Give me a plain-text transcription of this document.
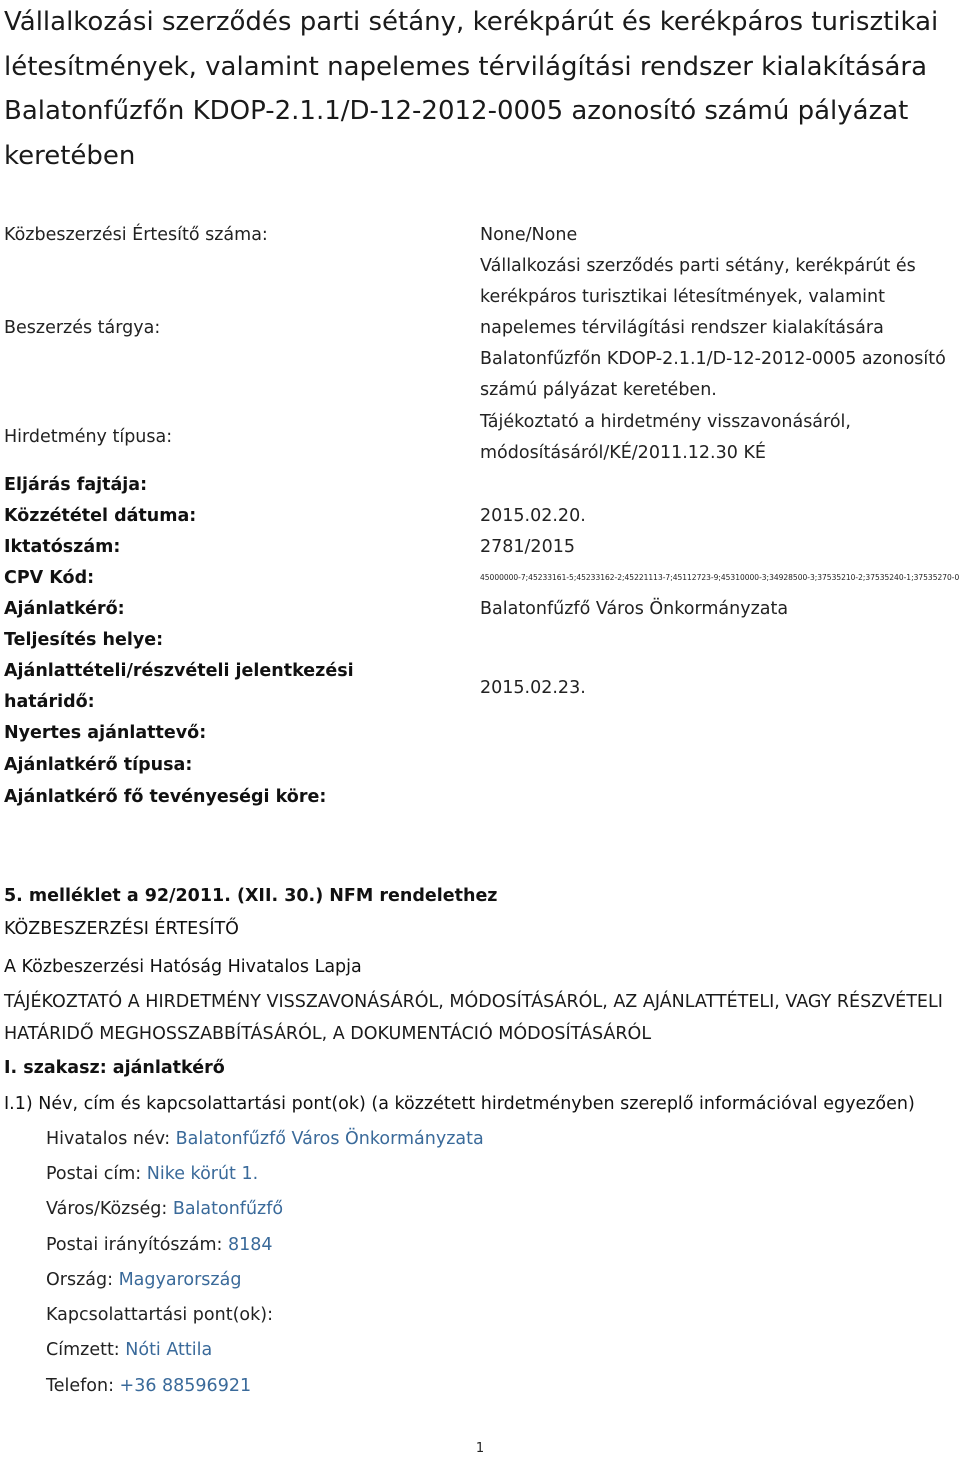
Vállalkozási szerződés parti sétány, kerékpárút és kerékpáros turisztikai létesítmények, valamint napelemes térvilágítási rendszer kialakítására Balatonfűzfőn KDOP-2.1.1/D-12-2012-0005 azonosító számú pályázat keretében
Közbeszerzési Értesítő száma:	None/None
Beszerzés tárgya:
Vállalkozási szerződés parti sétány, kerékpárút és kerékpáros turisztikai létesítmények, valamint napelemes térvilágítási rendszer kialakítására Balatonfűzfőn KDOP-2.1.1/D-12-2012-0005 azonosító számú pályázat keretében.
Hirdetmény típusa:
Tájékoztató a hirdetmény visszavonásáról, módosításáról/KÉ/2011.12.30 KÉ
Eljárás fajtája:
Közzététel dátuma:	2015.02.20.
Iktatószám:	2781/2015
CPV Kód:	45000000-7;45233161-5;45233162-2;45221113-7;45112723-9;45310000-3;34928500-3;37535210-2;37535240-1;37535270-0
Ajánlatkérő:	Balatonfűzfő Város Önkormányzata
Teljesítés helye:
Ajánlattételi/részvételi jelentkezési határidő:
2015.02.23.
Nyertes ajánlattevő:
Ajánlatkérő típusa:
Ajánlatkérő fő tevényeségi köre:
5. melléklet a 92/2011. (XII. 30.) NFM rendelethez
KÖZBESZERZÉSI ÉRTESÍTŐ
A Közbeszerzési Hatóság Hivatalos Lapja
TÁJÉKOZTATÓ A HIRDETMÉNY VISSZAVONÁSÁRÓL, MÓDOSÍTÁSÁRÓL, AZ AJÁNLATTÉTELI, VAGY RÉSZVÉTELI HATÁRIDŐ MEGHOSSZABBÍTÁSÁRÓL, A DOKUMENTÁCIÓ MÓDOSÍTÁSÁRÓL
I. szakasz: ajánlatkérő
I.1) Név, cím és kapcsolattartási pont(ok) (a közzétett hirdetményben szereplő információval egyezően)
Hivatalos név: Balatonfűzfő Város Önkormányzata
Postai cím: Nike körút 1.
Város/Község: Balatonfűzfő
Postai irányítószám: 8184
Ország: Magyarország
Kapcsolattartási pont(ok):
Címzett: Nóti Attila
Telefon: +36 88596921
1
